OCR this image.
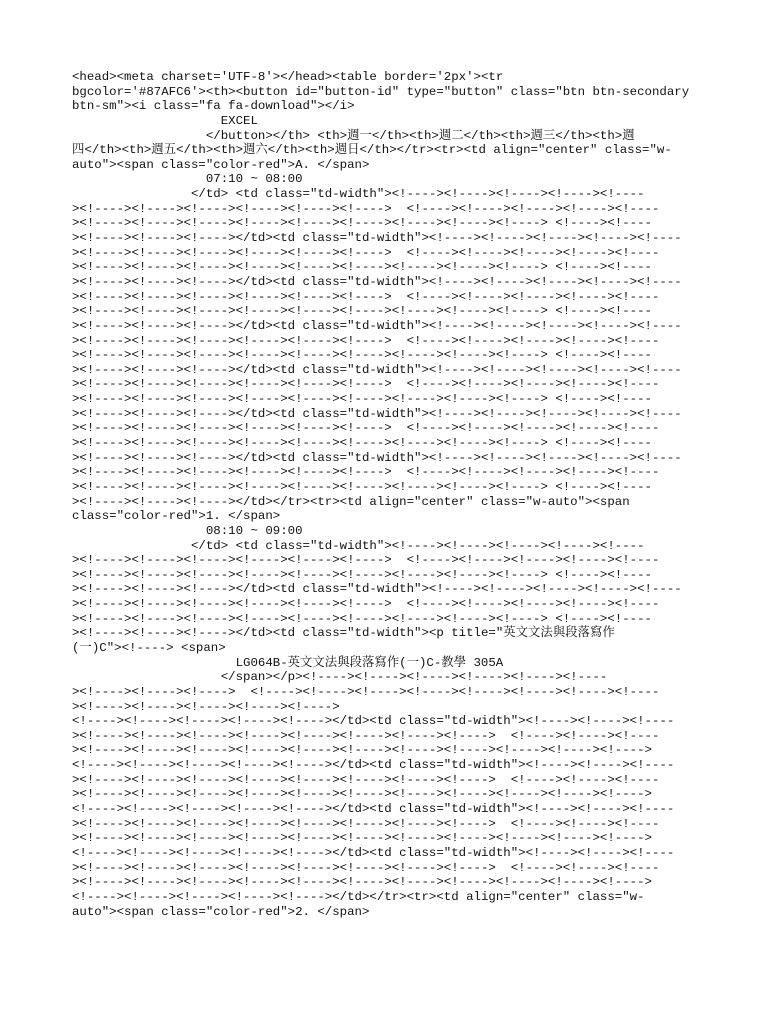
<head><meta charset='UTF-8'></head><table border='2px'><tr
bgcolor='#87AFC6'><th><button id="button-id" type="button" class="btn btn-secondary
btn-sm"><i class="fa fa-download"></i>
EXCEL
</button></th> <th>週一</th><th>週二</th><th>週三</th><th>週
四</th><th>週五</th><th>週六</th><th>週日</th></tr><tr><td align="center" class="w-
auto"><span class="color-red">A. </span>
07:10 ~ 08:00
</td> <td class="td-width"><!----><!----><!----><!----><!----
><!----><!----><!----><!----><!----><!---->  <!----><!----><!----><!----><!----
><!----><!----><!----><!----><!----><!----><!----><!----><!----> <!----><!----
><!----><!----><!----></td><td class="td-width"><!----><!----><!----><!----><!----
><!----><!----><!----><!----><!----><!---->  <!----><!----><!----><!----><!----
><!----><!----><!----><!----><!----><!----><!----><!----><!----> <!----><!----
><!----><!----><!----></td><td class="td-width"><!----><!----><!----><!----><!----
><!----><!----><!----><!----><!----><!---->  <!----><!----><!----><!----><!----
><!----><!----><!----><!----><!----><!----><!----><!----><!----> <!----><!----
><!----><!----><!----></td><td class="td-width"><!----><!----><!----><!----><!----
><!----><!----><!----><!----><!----><!---->  <!----><!----><!----><!----><!----
><!----><!----><!----><!----><!----><!----><!----><!----><!----> <!----><!----
><!----><!----><!----></td><td class="td-width"><!----><!----><!----><!----><!----
><!----><!----><!----><!----><!----><!---->  <!----><!----><!----><!----><!----
><!----><!----><!----><!----><!----><!----><!----><!----><!----> <!----><!----
><!----><!----><!----></td><td class="td-width"><!----><!----><!----><!----><!----
><!----><!----><!----><!----><!----><!---->  <!----><!----><!----><!----><!----
><!----><!----><!----><!----><!----><!----><!----><!----><!----> <!----><!----
><!----><!----><!----></td><td class="td-width"><!----><!----><!----><!----><!----
><!----><!----><!----><!----><!----><!---->  <!----><!----><!----><!----><!----
><!----><!----><!----><!----><!----><!----><!----><!----><!----> <!----><!----
><!----><!----><!----></td></tr><tr><td align="center" class="w-auto"><span
class="color-red">1. </span>
08:10 ~ 09:00
</td> <td class="td-width"><!----><!----><!----><!----><!----
><!----><!----><!----><!----><!----><!---->  <!----><!----><!----><!----><!----
><!----><!----><!----><!----><!----><!----><!----><!----><!----> <!----><!----
><!----><!----><!----></td><td class="td-width"><!----><!----><!----><!----><!----
><!----><!----><!----><!----><!----><!---->  <!----><!----><!----><!----><!----
><!----><!----><!----><!----><!----><!----><!----><!----><!----> <!----><!----
><!----><!----><!----></td><td class="td-width"><p title="英文文法與段落寫作
(一)C"><!----> <span>
LG064B-英文文法與段落寫作(一)C-教學 305A
</span></p><!----><!----><!----><!----><!----><!----
><!----><!----><!---->  <!----><!----><!----><!----><!----><!----><!----><!----
><!----><!----><!----><!----><!---->
<!----><!----><!----><!----><!----></td><td class="td-width"><!----><!----><!----
><!----><!----><!----><!----><!----><!----><!----><!---->  <!----><!----><!----
><!----><!----><!----><!----><!----><!----><!----><!----><!----><!----><!---->
<!----><!----><!----><!----><!----></td><td class="td-width"><!----><!----><!----
><!----><!----><!----><!----><!----><!----><!----><!---->  <!----><!----><!----
><!----><!----><!----><!----><!----><!----><!----><!----><!----><!----><!---->
<!----><!----><!----><!----><!----></td><td class="td-width"><!----><!----><!----
><!----><!----><!----><!----><!----><!----><!----><!---->  <!----><!----><!----
><!----><!----><!----><!----><!----><!----><!----><!----><!----><!----><!---->
<!----><!----><!----><!----><!----></td><td class="td-width"><!----><!----><!----
><!----><!----><!----><!----><!----><!----><!----><!---->  <!----><!----><!----
><!----><!----><!----><!----><!----><!----><!----><!----><!----><!----><!---->
<!----><!----><!----><!----><!----></td></tr><tr><td align="center" class="w-
auto"><span class="color-red">2. </span>
